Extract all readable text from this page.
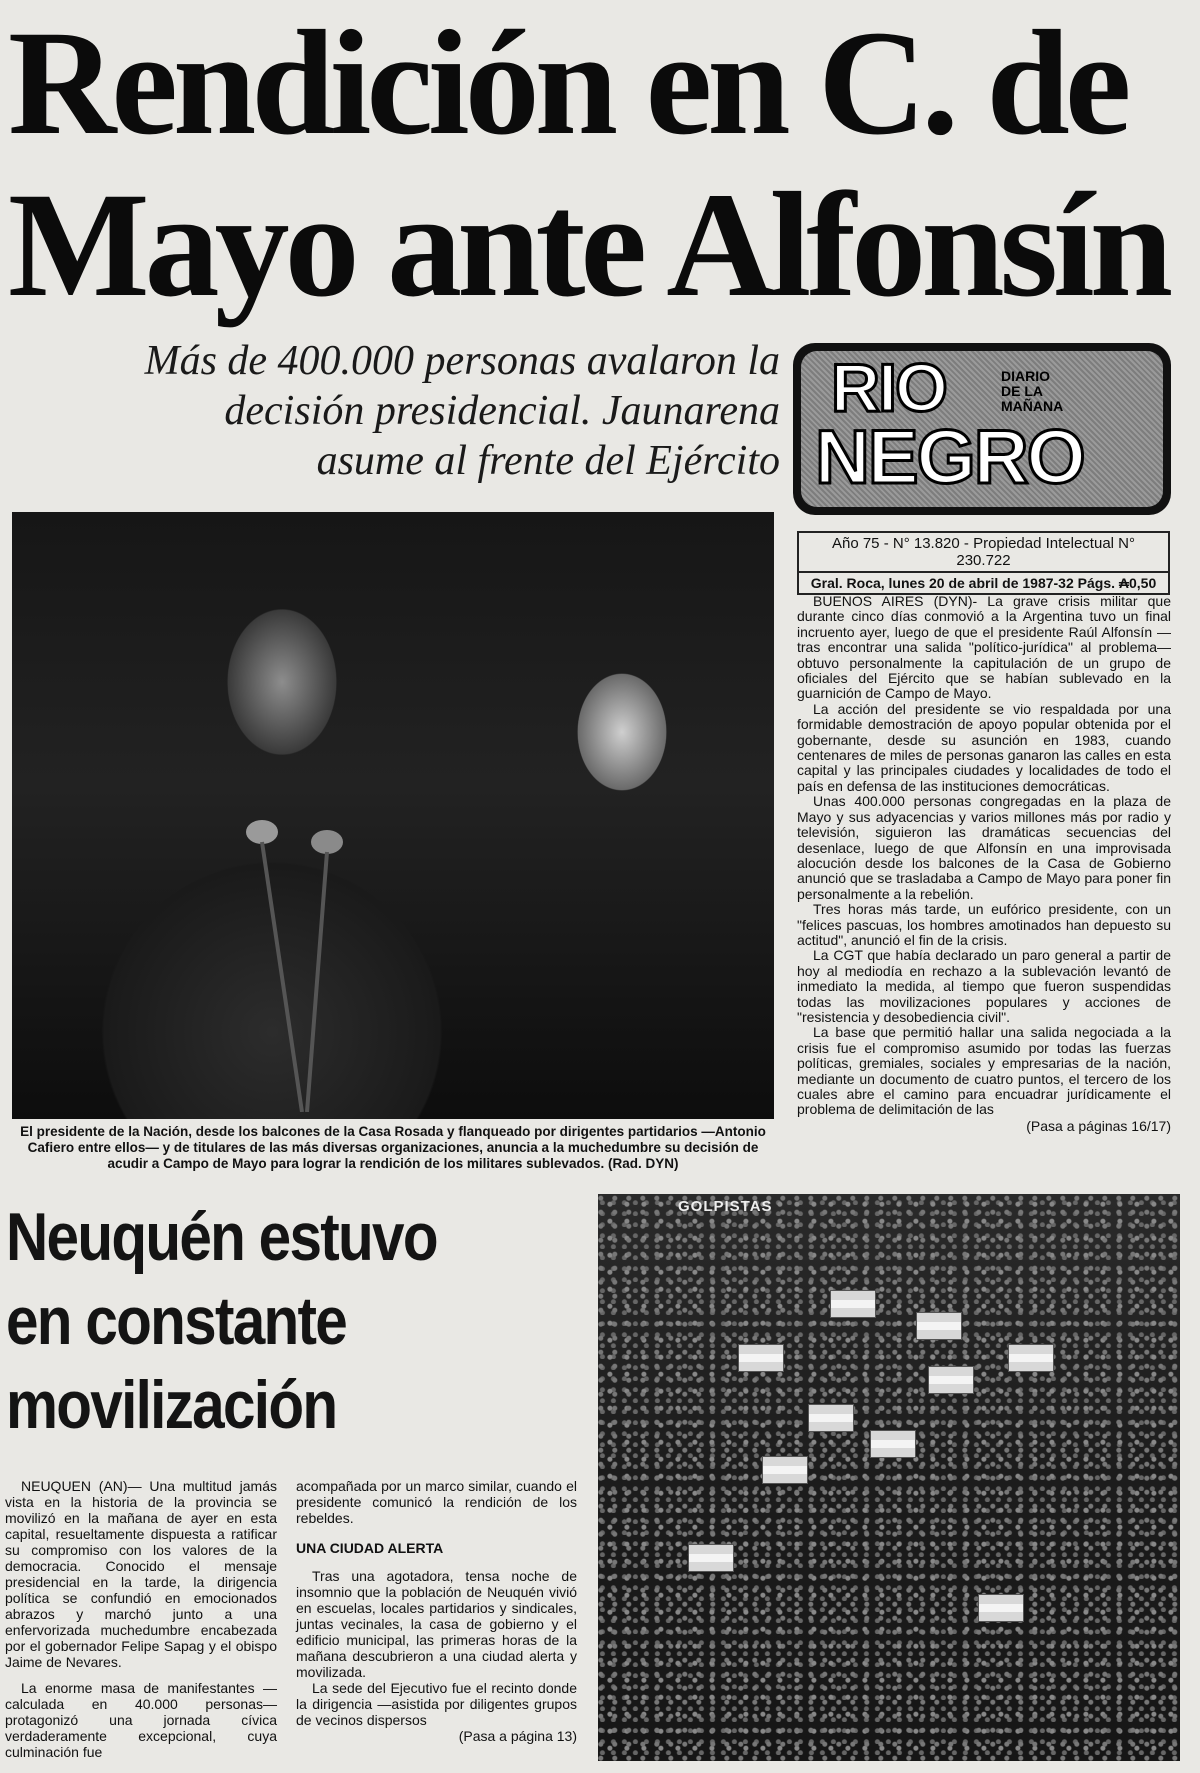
Rendición en C. de
Mayo ante Alfonsín

Más de 400.000 personas avalaron la
decisión presidencial. Jaunarena
asume al frente del Ejército

RIO
NEGRO
DIARIO
DE LA
MAÑANA
Año 75 - N° 13.820 - Propiedad Intelectual N° 230.722
Gral. Roca, lunes 20 de abril de 1987-32 Págs. ₳0,50

El presidente de la Nación, desde los balcones de la Casa Rosada y flanqueado por dirigentes partidarios —Antonio Cafiero entre ellos— y de titulares de las más diversas organizaciones, anuncia a la muchedumbre su decisión de acudir a Campo de Mayo para lograr la rendición de los militares sublevados. (Rad. DYN)

BUENOS AIRES (DYN)- La grave crisis militar que durante cinco días conmovió a la Argentina tuvo un final incruento ayer, luego de que el presidente Raúl Alfonsín —tras encontrar una salida "político-jurídica" al problema— obtuvo personalmente la capitulación de un grupo de oficiales del Ejército que se habían sublevado en la guarnición de Campo de Mayo.

La acción del presidente se vio respaldada por una formidable demostración de apoyo popular obtenida por el gobernante, desde su asunción en 1983, cuando centenares de miles de personas ganaron las calles en esta capital y las principales ciudades y localidades de todo el país en defensa de las instituciones democráticas.

Unas 400.000 personas congregadas en la plaza de Mayo y sus adyacencias y varios millones más por radio y televisión, siguieron las dramáticas secuencias del desenlace, luego de que Alfonsín en una improvisada alocución desde los balcones de la Casa de Gobierno anunció que se trasladaba a Campo de Mayo para poner fin personalmente a la rebelión.

Tres horas más tarde, un eufórico presidente, con un "felices pascuas, los hombres amotinados han depuesto su actitud", anunció el fin de la crisis.

La CGT que había declarado un paro general a partir de hoy al mediodía en rechazo a la sublevación levantó de inmediato la medida, al tiempo que fueron suspendidas todas las movilizaciones populares y acciones de "resistencia y desobediencia civil".

La base que permitió hallar una salida negociada a la crisis fue el compromiso asumido por todas las fuerzas políticas, gremiales, sociales y empresarias de la nación, mediante un documento de cuatro puntos, el tercero de los cuales abre el camino para encuadrar jurídicamente el problema de delimitación de las

(Pasa a páginas 16/17)
Neuquén estuvo
en constante
movilización

NEUQUEN (AN)— Una multitud jamás vista en la historia de la provincia se movilizó en la mañana de ayer en esta capital, resueltamente dispuesta a ratificar su compromiso con los valores de la democracia. Conocido el mensaje presidencial en la tarde, la dirigencia política se confundió en emocionados abrazos y marchó junto a una enfervorizada muchedumbre encabezada por el gobernador Felipe Sapag y el obispo Jaime de Nevares.

La enorme masa de manifestantes —calculada en 40.000 personas— protagonizó una jornada cívica verdaderamente excepcional, cuya culminación fue

acompañada por un marco similar, cuando el presidente comunicó la rendición de los rebeldes.

UNA CIUDAD ALERTA

Tras una agotadora, tensa noche de insomnio que la población de Neuquén vivió en escuelas, locales partidarios y sindicales, juntas vecinales, la casa de gobierno y el edificio municipal, las primeras horas de la mañana descubrieron a una ciudad alerta y movilizada.

La sede del Ejecutivo fue el recinto donde la dirigencia —asistida por diligentes grupos de vecinos dispersos

(Pasa a página 13)
GOLPISTAS
